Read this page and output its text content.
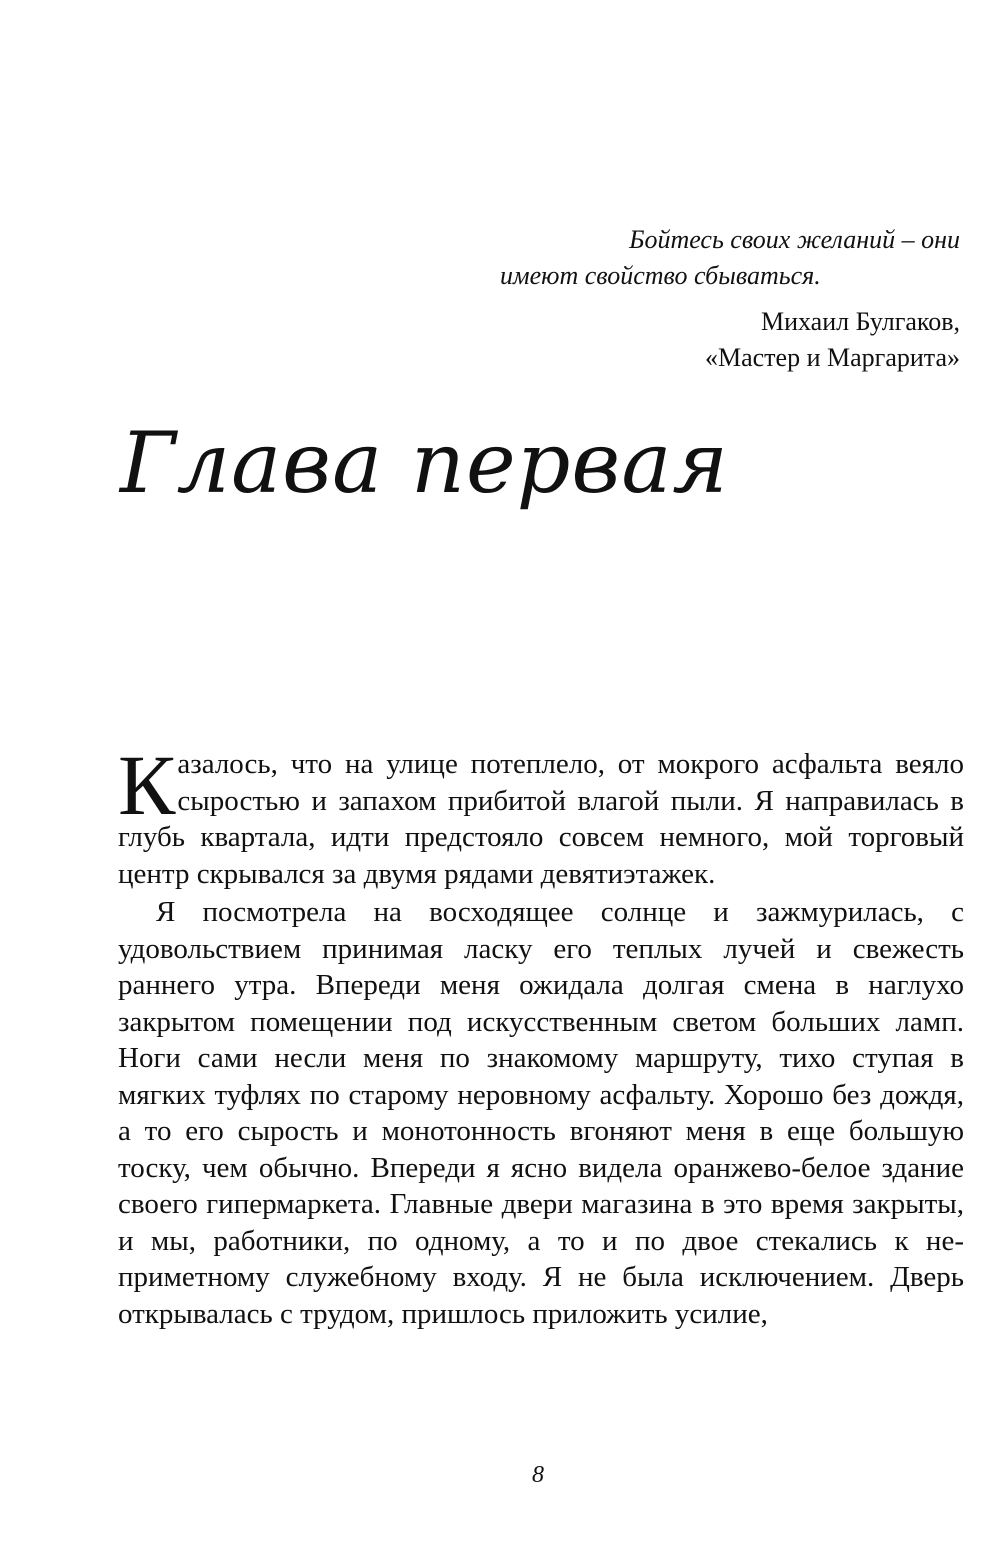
Бойтесь своих желаний – они

имеют свойство сбываться.

Михаил Булгаков,
«Мастер и Маргарита»
Глава первая

Казалось, что на улице потеплело, от мокрого асфальта веяло сыростью и запахом прибитой влагой пыли. Я направилась в глубь квартала, идти предстояло совсем немного, мой торговый центр скрывался за двумя рядами девятиэтажек.

Я посмотрела на восходящее солнце и зажмурилась, с удовольствием принимая ласку его теплых лучей и свежесть раннего утра. Впереди меня ожидала долгая смена в наглухо закрытом помещении под искусственным светом больших ламп. Ноги сами несли меня по знакомому маршруту, тихо ступая в мягких туфлях по старому неровному асфальту. Хорошо без дождя, а то его сырость и монотонность вгоняют меня в еще большую тоску, чем обычно. Впереди я ясно видела оранжево-белое здание своего гипермаркета. Главные двери магазина в это время закрыты, и мы, работники, по одному, а то и по двое стекались к неприметному служебному входу. Я не была исключением. Дверь открывалась с трудом, пришлось приложить усилие,

8
